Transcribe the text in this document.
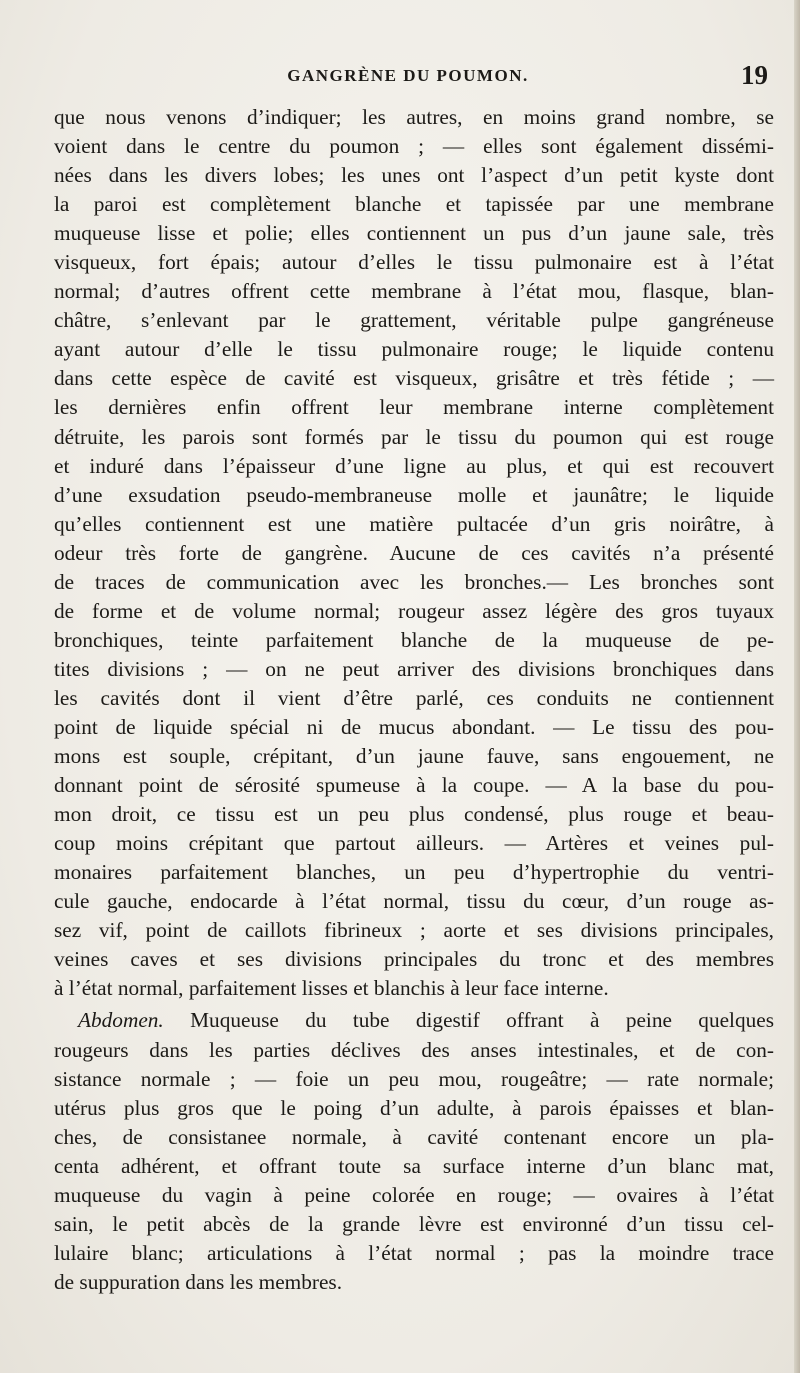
GANGRÈNE DU POUMON.	19
que nous venons d’indiquer; les autres, en moins grand nombre, se
voient dans le centre du poumon ; — elles sont également dissémi-
nées dans les divers lobes; les unes ont l’aspect d’un petit kyste dont
la paroi est complètement blanche et tapissée par une membrane
muqueuse lisse et polie; elles contiennent un pus d’un jaune sale, très
visqueux, fort épais; autour d’elles le tissu pulmonaire est à l’état
normal; d’autres offrent cette membrane à l’état mou, flasque, blan-
châtre, s’enlevant par le grattement, véritable pulpe gangréneuse
ayant autour d’elle le tissu pulmonaire rouge; le liquide contenu
dans cette espèce de cavité est visqueux, grisâtre et très fétide ; —
les dernières enfin offrent leur membrane interne complètement
détruite, les parois sont formés par le tissu du poumon qui est rouge
et induré dans l’épaisseur d’une ligne au plus, et qui est recouvert
d’une exsudation pseudo-membraneuse molle et jaunâtre; le liquide
qu’elles contiennent est une matière pultacée d’un gris noirâtre, à
odeur très forte de gangrène. Aucune de ces cavités n’a présenté
de traces de communication avec les bronches.— Les bronches sont
de forme et de volume normal; rougeur assez légère des gros tuyaux
bronchiques, teinte parfaitement blanche de la muqueuse de pe-
tites divisions ; — on ne peut arriver des divisions bronchiques dans
les cavités dont il vient d’être parlé, ces conduits ne contiennent
point de liquide spécial ni de mucus abondant. — Le tissu des pou-
mons est souple, crépitant, d’un jaune fauve, sans engouement, ne
donnant point de sérosité spumeuse à la coupe. — A la base du pou-
mon droit, ce tissu est un peu plus condensé, plus rouge et beau-
coup moins crépitant que partout ailleurs. — Artères et veines pul-
monaires parfaitement blanches, un peu d’hypertrophie du ventri-
cule gauche, endocarde à l’état normal, tissu du cœur, d’un rouge as-
sez vif, point de caillots fibrineux ; aorte et ses divisions principales,
veines caves et ses divisions principales du tronc et des membres
à l’état normal, parfaitement lisses et blanchis à leur face interne.
Abdomen. Muqueuse du tube digestif offrant à peine quelques
rougeurs dans les parties déclives des anses intestinales, et de con-
sistance normale ; — foie un peu mou, rougeâtre; — rate normale;
utérus plus gros que le poing d’un adulte, à parois épaisses et blan-
ches, de consistanee normale, à cavité contenant encore un pla-
centa adhérent, et offrant toute sa surface interne d’un blanc mat,
muqueuse du vagin à peine colorée en rouge; — ovaires à l’état
sain, le petit abcès de la grande lèvre est environné d’un tissu cel-
lulaire blanc; articulations à l’état normal ; pas la moindre trace
de suppuration dans les membres.
